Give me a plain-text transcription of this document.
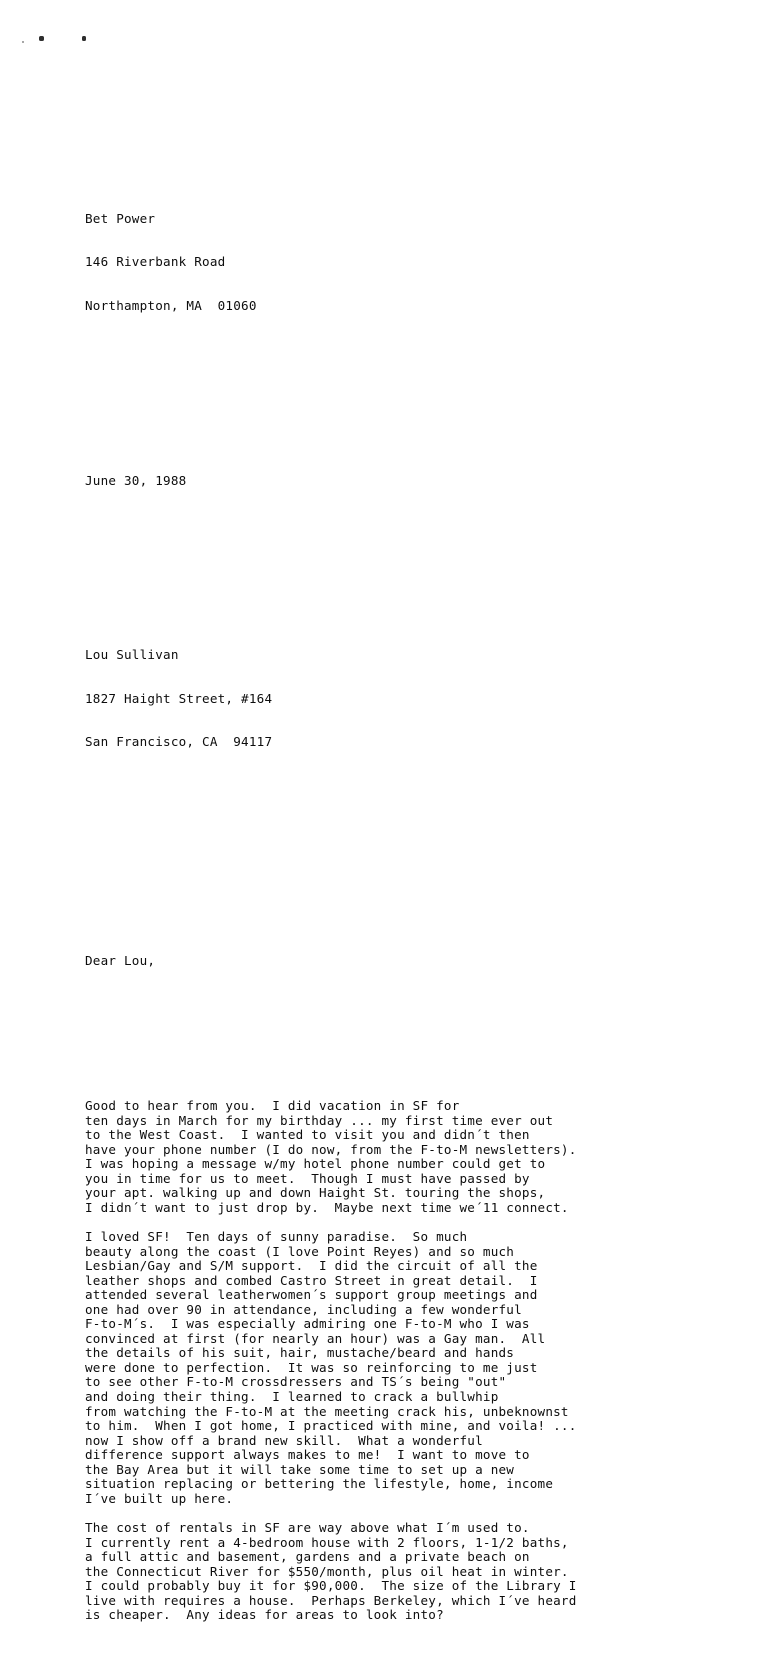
Bet Power

146 Riverbank Road

Northampton, MA  01060

June 30, 1988

Lou Sullivan

1827 Haight Street, #164

San Francisco, CA  94117

Dear Lou,

Good to hear from you.  I did vacation in SF for
ten days in March for my birthday ... my first time ever out
to the West Coast.  I wanted to visit you and didn´t then
have your phone number (I do now, from the F-to-M newsletters).
I was hoping a message w/my hotel phone number could get to
you in time for us to meet.  Though I must have passed by
your apt. walking up and down Haight St. touring the shops,
I didn´t want to just drop by.  Maybe next time we´11 connect.
I loved SF!  Ten days of sunny paradise.  So much
beauty along the coast (I love Point Reyes) and so much
Lesbian/Gay and S/M support.  I did the circuit of all the
leather shops and combed Castro Street in great detail.  I
attended several leatherwomen´s support group meetings and
one had over 90 in attendance, including a few wonderful
F-to-M´s.  I was especially admiring one F-to-M who I was
convinced at first (for nearly an hour) was a Gay man.  All
the details of his suit, hair, mustache/beard and hands
were done to perfection.  It was so reinforcing to me just
to see other F-to-M crossdressers and TS´s being "out"
and doing their thing.  I learned to crack a bullwhip
from watching the F-to-M at the meeting crack his, unbeknownst
to him.  When I got home, I practiced with mine, and voila! ...
now I show off a brand new skill.  What a wonderful
difference support always makes to me!  I want to move to
the Bay Area but it will take some time to set up a new
situation replacing or bettering the lifestyle, home, income
I´ve built up here.
The cost of rentals in SF are way above what I´m used to.
I currently rent a 4-bedroom house with 2 floors, 1-1/2 baths,
a full attic and basement, gardens and a private beach on
the Connecticut River for $550/month, plus oil heat in winter.
I could probably buy it for $90,000.  The size of the Library I
live with requires a house.  Perhaps Berkeley, which I´ve heard
is cheaper.  Any ideas for areas to look into?
